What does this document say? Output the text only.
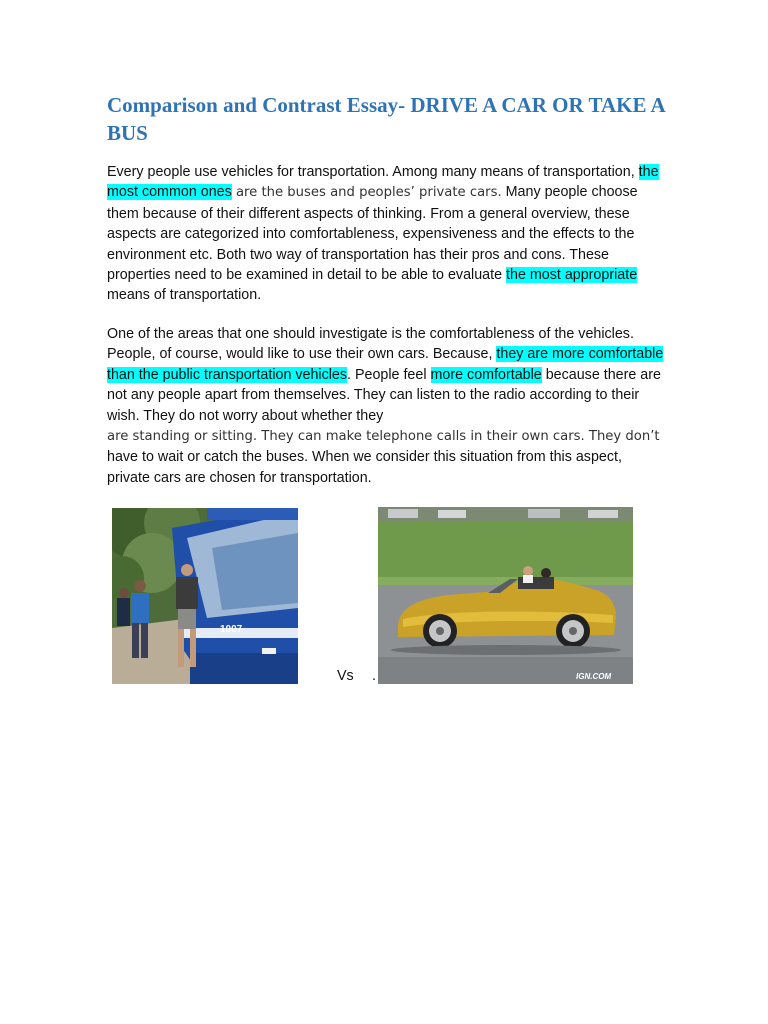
Comparison and Contrast Essay- DRIVE A CAR OR TAKE A BUS

Every people use vehicles for transportation. Among many means of transportation, the most common ones are the buses and peoples’ private cars. Many people choose them because of their different aspects of thinking. From a general overview, these aspects are categorized into comfortableness, expensiveness and the effects to the environment etc. Both two way of transportation has their pros and cons. These properties need to be examined in detail to be able to evaluate the most appropriate means of transportation.

One of the areas that one should investigate is the comfortableness of the vehicles. People, of course, would like to use their own cars. Because, they are more comfortable than the public transportation vehicles. People feel more comfortable because there are not any people apart from themselves. They can listen to the radio according to their wish. They do not worry about whether they
are standing or sitting. They can make telephone calls in their own cars. They don’t have to wait or catch the buses. When we consider this situation from this aspect, private cars are chosen for transportation.

1007
Vs .	IGN.COM
